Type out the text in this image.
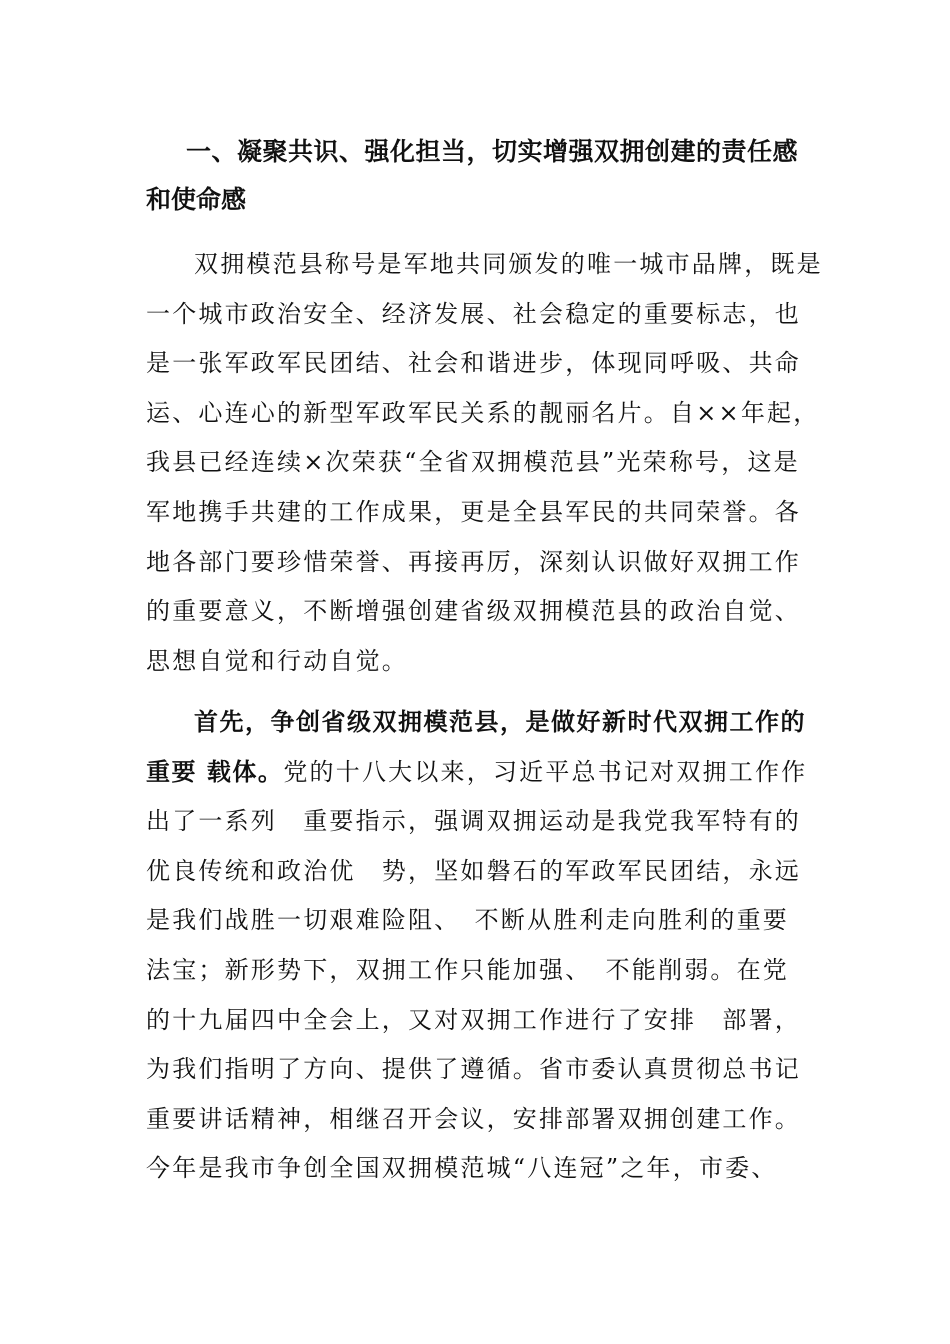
一、凝聚共识、强化担当，切实增强双拥创建的责任感
和使命感

双拥模范县称号是军地共同颁发的唯一城市品牌，既是
一个城市政治安全、经济发展、社会稳定的重要标志，也
是一张军政军民团结、社会和谐进步，体现同呼吸、共命
运、心连心的新型军政军民关系的靓丽名片。自××年起，
我县已经连续×次荣获“全省双拥模范县”光荣称号，这是
军地携手共建的工作成果，更是全县军民的共同荣誉。各
地各部门要珍惜荣誉、再接再厉，深刻认识做好双拥工作
的重要意义，不断增强创建省级双拥模范县的政治自觉、
思想自觉和行动自觉。

首先，争创省级双拥模范县，是做好新时代双拥工作的
重要 载体。党的十八大以来，习近平总书记对双拥工作作
出了一系列　重要指示，强调双拥运动是我党我军特有的
优良传统和政治优　势，坚如磐石的军政军民团结，永远
是我们战胜一切艰难险阻、　不断从胜利走向胜利的重要
法宝；新形势下，双拥工作只能加强、　不能削弱。在党
的十九届四中全会上，又对双拥工作进行了安排　部署，
为我们指明了方向、提供了遵循。省市委认真贯彻总书记
重要讲话精神，相继召开会议，安排部署双拥创建工作。
今年是我市争创全国双拥模范城“八连冠”之年，市委、
